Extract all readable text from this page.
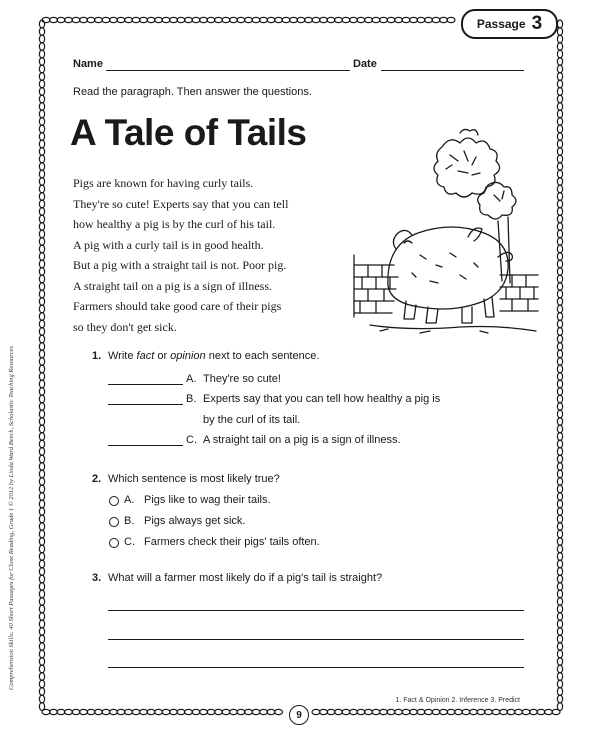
Passage 3
Name	Date
Read the paragraph. Then answer the questions.
A Tale of Tails
Pigs are known for having curly tails.
They're so cute! Experts say that you can tell
how healthy a pig is by the curl of his tail.
A pig with a curly tail is in good health.
But a pig with a straight tail is not. Poor pig.
A straight tail on a pig is a sign of illness.
Farmers should take good care of their pigs
so they don't get sick.
1. Write fact or opinion next to each sentence.
A. They're so cute!
B. Experts say that you can tell how healthy a pig is
by the curl of its tail.
C. A straight tail on a pig is a sign of illness.
2. Which sentence is most likely true?
A. Pigs like to wag their tails.
B. Pigs always get sick.
C. Farmers check their pigs' tails often.
3. What will a farmer most likely do if a pig's tail is straight?
Comprehension Skills: 40 Short Passages for Close Reading, Grade 1 © 2012 by Linda Ward Beech, Scholastic Teaching Resources
1. Fact & Opinion 2. Inference 3. Predict
9
